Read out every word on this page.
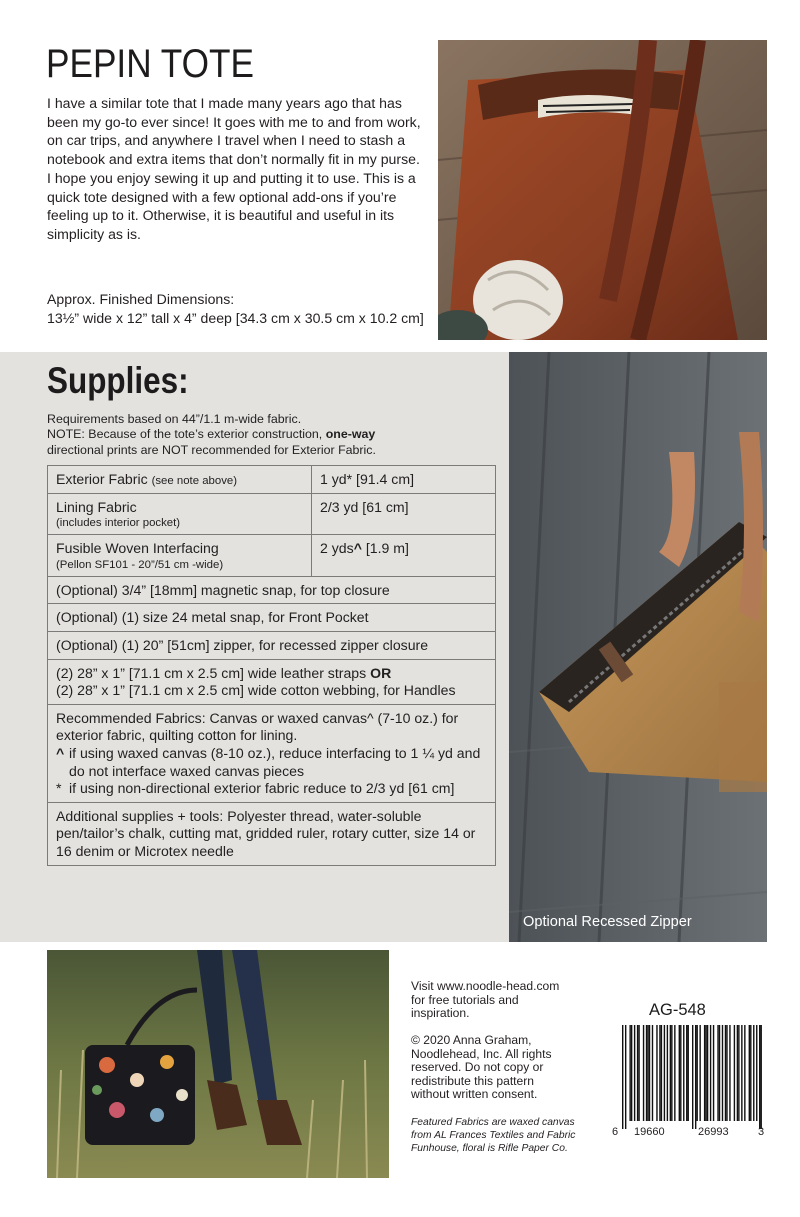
PEPIN TOTE

I have a similar tote that I made many years ago that has been my go-to ever since! It goes with me to and from work, on car trips, and anywhere I travel when I need to stash a notebook and extra items that don’t normally fit in my purse. I hope you enjoy sewing it up and putting it to use. This is a quick tote designed with a few optional add-ons if you’re feeling up to it. Otherwise, it is beautiful and useful in its simplicity as is.

Approx. Finished Dimensions:
13½” wide x 12” tall x 4” deep [34.3 cm x 30.5 cm x 10.2 cm]
Supplies:
Requirements based on 44”/1.1 m-wide fabric.
NOTE: Because of the tote’s exterior construction, one-way
directional prints are NOT recommended for Exterior Fabric.
Exterior Fabric (see note above)	1 yd* [91.4 cm]

Lining Fabric
(includes interior pocket)	2/3 yd [61 cm]

Fusible Woven Interfacing
(Pellon SF101 - 20”/51 cm -wide)	2 yds^ [1.9 m]
(Optional) 3/4” [18mm] magnetic snap, for top closure	
(Optional) (1) size 24 metal snap, for Front Pocket	
(Optional) (1) 20” [51cm] zipper, for recessed zipper closure	
(2) 28” x 1” [71.1 cm x 2.5 cm] wide leather straps OR
(2) 28” x 1” [71.1 cm x 2.5 cm] wide cotton webbing, for Handles	

Recommended Fabrics: Canvas or waxed canvas^ (7-10 oz.) for exterior fabric, quilting cotton for lining.
^ if using waxed canvas (8-10 oz.), reduce interfacing to 1 ¼ yd and do not interface waxed canvas pieces
* if using non-directional exterior fabric reduce to 2/3 yd [61 cm]	

Additional supplies + tools: Polyester thread, water-soluble pen/tailor’s chalk, cutting mat, gridded ruler, rotary cutter, size 14 or 16 denim or Microtex needle	
Optional Recessed Zipper
Visit www.noodle-head.com
for free tutorials and
inspiration.
© 2020 Anna Graham,
Noodlehead, Inc. All rights
reserved. Do not copy or
redistribute this pattern
without written consent.
Featured Fabrics are waxed canvas
from AL Frances Textiles and Fabric
Funhouse, floral is Rifle Paper Co.
AG-548
6 19660	26993	3
